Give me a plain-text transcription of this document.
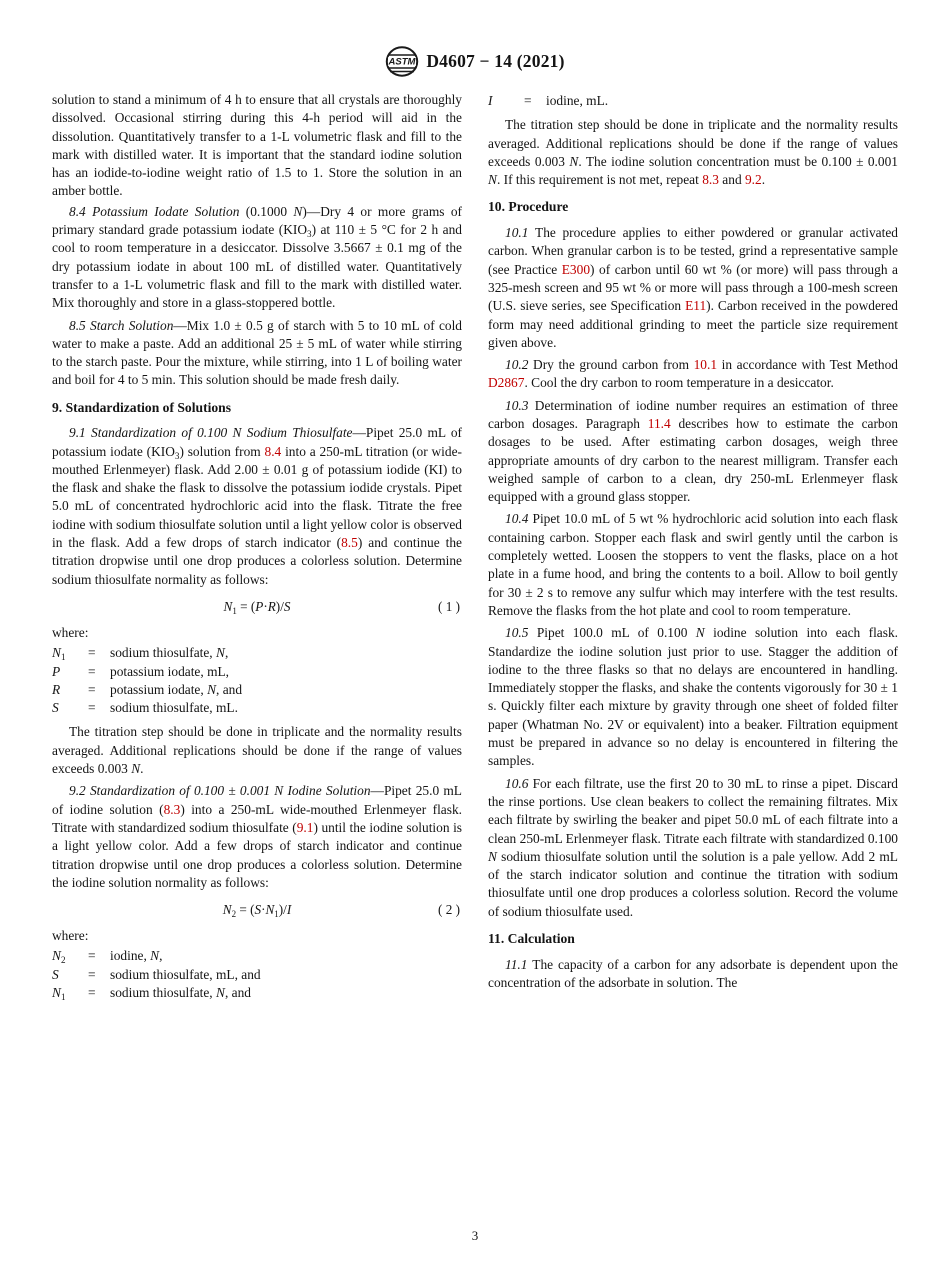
ASTM D4607 − 14 (2021)

solution to stand a minimum of 4 h to ensure that all crystals are thoroughly dissolved. Occasional stirring during this 4-h period will aid in the dissolution. Quantitatively transfer to a 1-L volumetric flask and fill to the mark with distilled water. It is important that the standard iodine solution has an iodide-to-iodine weight ratio of 1.5 to 1. Store the solution in an amber bottle.

8.4 Potassium Iodate Solution (0.1000 N)—Dry 4 or more grams of primary standard grade potassium iodate $(KIO_3)$ at 110 ± 5 °C for 2 h and cool to room temperature in a desiccator. Dissolve 3.5667 ± 0.1 mg of the dry potassium iodate in about 100 mL of distilled water. Quantitatively transfer to a 1-L volumetric flask and fill to the mark with distilled water. Mix thoroughly and store in a glass-stoppered bottle.

8.5 Starch Solution—Mix 1.0 ± 0.5 g of starch with 5 to 10 mL of cold water to make a paste. Add an additional 25 ± 5 mL of water while stirring to the starch paste. Pour the mixture, while stirring, into 1 L of boiling water and boil for 4 to 5 min. This solution should be made fresh daily.

9. Standardization of Solutions

9.1 Standardization of 0.100 N Sodium Thiosulfate—Pipet 25.0 mL of potassium iodate $(KIO_3)$ solution from 8.4 into a 250-mL titration (or wide-mouthed Erlenmeyer) flask. Add 2.00 ± 0.01 g of potassium iodide (KI) to the flask and shake the flask to dissolve the potassium iodide crystals. Pipet 5.0 mL of concentrated hydrochloric acid into the flask. Titrate the free iodine with sodium thiosulfate solution until a light yellow color is observed in the flask. Add a few drops of starch indicator (8.5) and continue the titration dropwise until one drop produces a colorless solution. Determine sodium thiosulfate normality as follows:

$N_1 = (P\cdot R)/S$	( 1 )

where:

$N_1$	=	sodium thiosulfate, N,
P	=	potassium iodate, mL,
R	=	potassium iodate, N, and
S	=	sodium thiosulfate, mL.

The titration step should be done in triplicate and the normality results averaged. Additional replications should be done if the range of values exceeds 0.003 N.

9.2 Standardization of 0.100 ± 0.001 N Iodine Solution—Pipet 25.0 mL of iodine solution (8.3) into a 250-mL wide-mouthed Erlenmeyer flask. Titrate with standardized sodium thiosulfate (9.1) until the iodine solution is a light yellow color. Add a few drops of starch indicator and continue titration dropwise until one drop produces a colorless solution. Determine the iodine solution normality as follows:

$N_2 = (S\cdot N_1)/I$	( 2 )

where:

$N_2$	=	iodine, N,
S	=	sodium thiosulfate, mL, and
$N_1$	=	sodium thiosulfate, N, and
I	=	iodine, mL.

The titration step should be done in triplicate and the normality results averaged. Additional replications should be done if the range of values exceeds 0.003 N. The iodine solution concentration must be 0.100 ± 0.001 N. If this requirement is not met, repeat 8.3 and 9.2.

10. Procedure

10.1 The procedure applies to either powdered or granular activated carbon. When granular carbon is to be tested, grind a representative sample (see Practice E300) of carbon until 60 wt % (or more) will pass through a 325-mesh screen and 95 wt % or more will pass through a 100-mesh screen (U.S. sieve series, see Specification E11). Carbon received in the powdered form may need additional grinding to meet the particle size requirement given above.

10.2 Dry the ground carbon from 10.1 in accordance with Test Method D2867. Cool the dry carbon to room temperature in a desiccator.

10.3 Determination of iodine number requires an estimation of three carbon dosages. Paragraph 11.4 describes how to estimate the carbon dosages to be used. After estimating carbon dosages, weigh three appropriate amounts of dry carbon to the nearest milligram. Transfer each weighed sample of carbon to a clean, dry 250-mL Erlenmeyer flask equipped with a ground glass stopper.

10.4 Pipet 10.0 mL of 5 wt % hydrochloric acid solution into each flask containing carbon. Stopper each flask and swirl gently until the carbon is completely wetted. Loosen the stoppers to vent the flasks, place on a hot plate in a fume hood, and bring the contents to a boil. Allow to boil gently for 30 ± 2 s to remove any sulfur which may interfere with the test results. Remove the flasks from the hot plate and cool to room temperature.

10.5 Pipet 100.0 mL of 0.100 N iodine solution into each flask. Standardize the iodine solution just prior to use. Stagger the addition of iodine to the three flasks so that no delays are encountered in handling. Immediately stopper the flasks, and shake the contents vigorously for 30 ± 1 s. Quickly filter each mixture by gravity through one sheet of folded filter paper (Whatman No. 2V or equivalent) into a beaker. Filtration equipment must be prepared in advance so no delay is encountered in filtering the samples.

10.6 For each filtrate, use the first 20 to 30 mL to rinse a pipet. Discard the rinse portions. Use clean beakers to collect the remaining filtrates. Mix each filtrate by swirling the beaker and pipet 50.0 mL of each filtrate into a clean 250-mL Erlenmeyer flask. Titrate each filtrate with standardized 0.100 N sodium thiosulfate solution until the solution is a pale yellow. Add 2 mL of the starch indicator solution and continue the titration with sodium thiosulfate until one drop produces a colorless solution. Record the volume of sodium thiosulfate used.

11. Calculation

11.1 The capacity of a carbon for any adsorbate is dependent upon the concentration of the adsorbate in solution. The

3
